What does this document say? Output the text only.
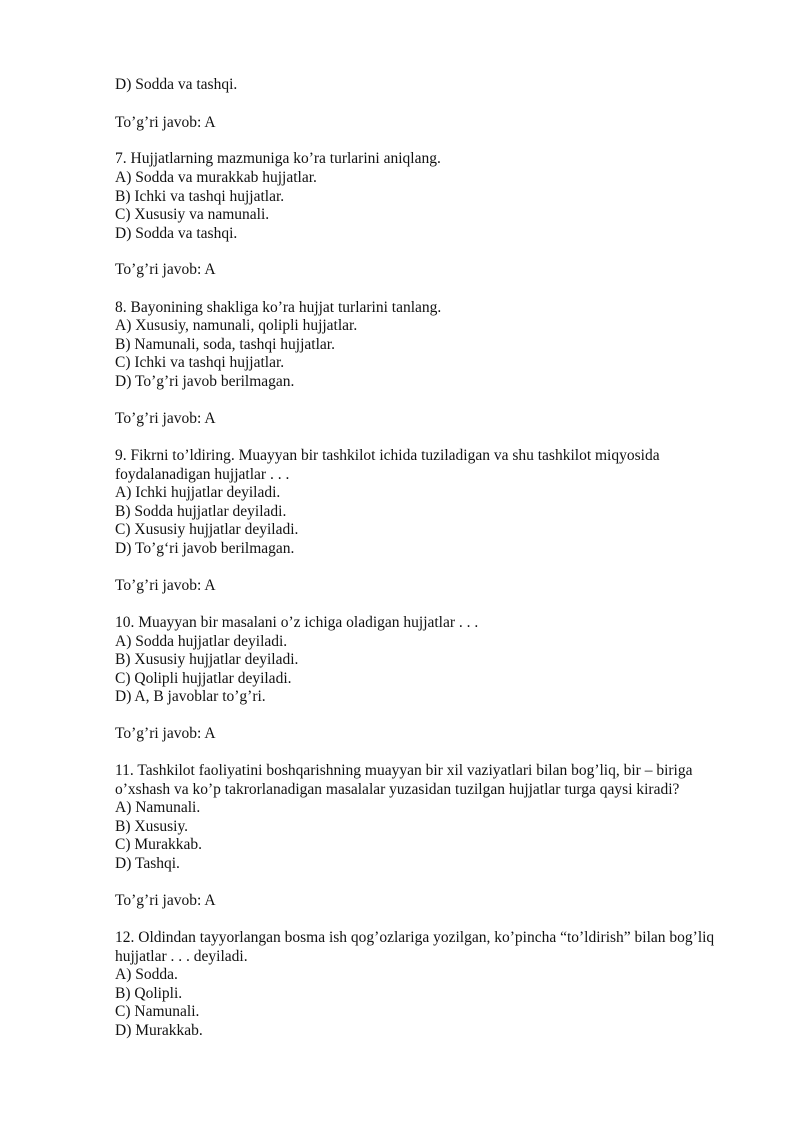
D) Sodda va tashqi.

To’g’ri javob: A

7. Hujjatlarning mazmuniga ko’ra turlarini aniqlang.

A) Sodda va murakkab hujjatlar.

B) Ichki va tashqi hujjatlar.

C) Xususiy va namunali.

D) Sodda va tashqi.

To’g’ri javob: A

8. Bayonining shakliga ko’ra hujjat turlarini tanlang.

A) Xususiy, namunali, qolipli hujjatlar.

B) Namunali, soda, tashqi hujjatlar.

C) Ichki va tashqi hujjatlar.

D) To’g’ri javob berilmagan.

To’g’ri javob: A

9. Fikrni to’ldiring. Muayyan bir tashkilot ichida tuziladigan va shu tashkilot miqyosida

foydalanadigan hujjatlar . . .

A) Ichki hujjatlar deyiladi.

B) Sodda hujjatlar deyiladi.

C) Xususiy hujjatlar deyiladi.

D) To’g‘ri javob berilmagan.

To’g’ri javob: A

10. Muayyan bir masalani o’z ichiga oladigan hujjatlar . . .

A) Sodda hujjatlar deyiladi.

B) Xususiy hujjatlar deyiladi.

C) Qolipli hujjatlar deyiladi.

D) A, B javoblar to’g’ri.

To’g’ri javob: A

11. Tashkilot faoliyatini boshqarishning muayyan bir xil vaziyatlari bilan bog’liq, bir – biriga

o’xshash va ko’p takrorlanadigan masalalar yuzasidan tuzilgan hujjatlar turga qaysi kiradi?

A) Namunali.

B) Xususiy.

C) Murakkab.

D) Tashqi.

To’g’ri javob: A

12. Oldindan tayyorlangan bosma ish qog’ozlariga yozilgan, ko’pincha “to’ldirish” bilan bog’liq

hujjatlar . . . deyiladi.

A) Sodda.

B) Qolipli.

C) Namunali.

D) Murakkab.
